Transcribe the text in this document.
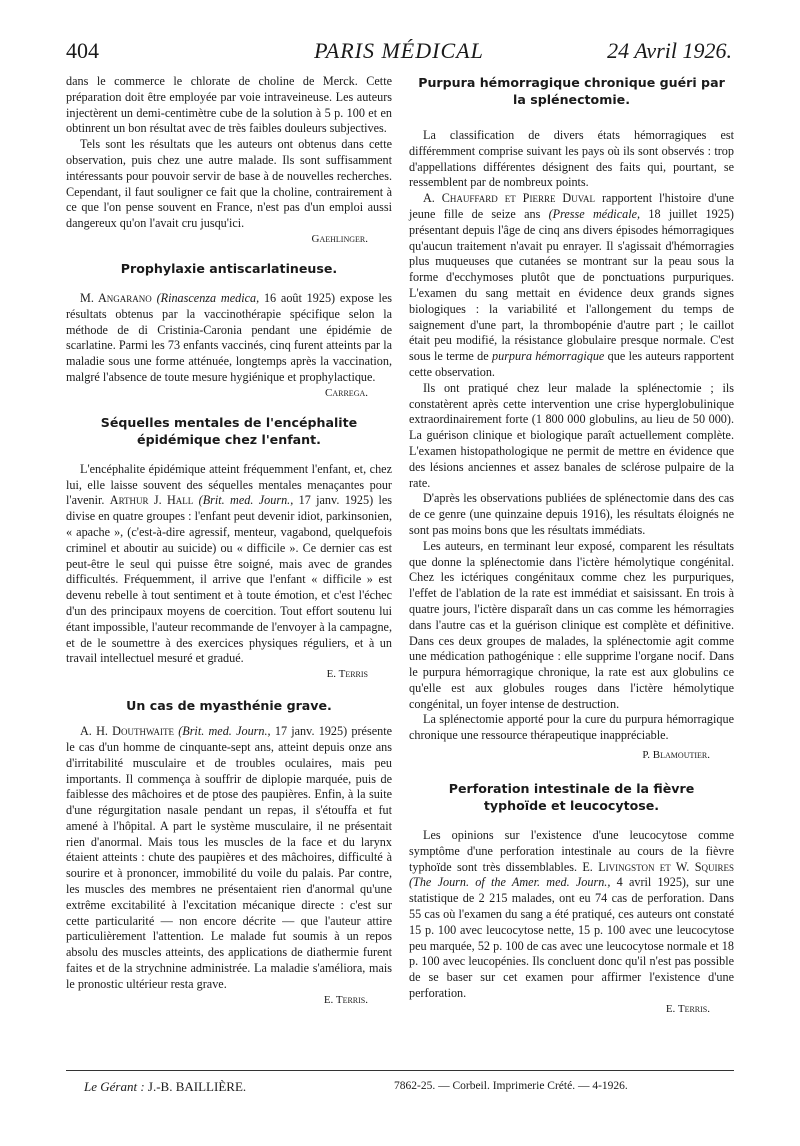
404	PARIS MÉDICAL	24 Avril 1926.

dans le commerce le chlorate de choline de Merck. Cette préparation doit être employée par voie intraveineuse. Les auteurs injectèrent un demi-centimètre cube de la solution à 5 p. 100 et en obtinrent un bon résultat avec de très faibles douleurs subjectives.

Tels sont les résultats que les auteurs ont obtenus dans cette observation, puis chez une autre malade. Ils sont suffisamment intéressants pour pouvoir servir de base à de nouvelles recherches. Cependant, il faut souligner ce fait que la choline, contrairement à ce que l'on pense souvent en France, n'est pas d'un emploi aussi dangereux qu'on l'avait cru jusqu'ici.

Gaehlinger.
Prophylaxie antiscarlatineuse.

M. Angarano (Rinascenza medica, 16 août 1925) expose les résultats obtenus par la vaccinothérapie spécifique selon la méthode de di Cristinia-Caronia pendant une épidémie de scarlatine. Parmi les 73 enfants vaccinés, cinq furent atteints par la maladie sous une forme atténuée, longtemps après la vaccination, malgré l'absence de toute mesure hygiénique et prophylactique.

Carrega.
Séquelles mentales de l'encéphalite épidémique chez l'enfant.

L'encéphalite épidémique atteint fréquemment l'enfant, et, chez lui, elle laisse souvent des séquelles mentales menaçantes pour l'avenir. Arthur J. Hall (Brit. med. Journ., 17 janv. 1925) les divise en quatre groupes : l'enfant peut devenir idiot, parkinsonien, « apache », (c'est-à-dire agressif, menteur, vagabond, quelquefois criminel et aboutir au suicide) ou « difficile ». Ce dernier cas est peut-être le seul qui puisse être soigné, mais avec de grandes difficultés. Fréquemment, il arrive que l'enfant « difficile » est devenu rebelle à tout sentiment et à toute émotion, et c'est l'échec d'un des principaux moyens de coercition. Tout effort soutenu lui étant impossible, l'auteur recommande de l'envoyer à la campagne, et de le soumettre à des exercices physiques réguliers, et à un travail intellectuel mesuré et gradué.

E. Terris
Un cas de myasthénie grave.

A. H. Douthwaite (Brit. med. Journ., 17 janv. 1925) présente le cas d'un homme de cinquante-sept ans, atteint depuis onze ans d'irritabilité musculaire et de troubles oculaires, mais peu importants. Il commença à souffrir de diplopie marquée, puis de faiblesse des mâchoires et de ptose des paupières. Enfin, à la suite d'une régurgitation nasale pendant un repas, il s'étouffa et fut amené à l'hôpital. A part le système musculaire, il ne présentait rien d'anormal. Mais tous les muscles de la face et du larynx étaient atteints : chute des paupières et des mâchoires, difficulté à sourire et à prononcer, immobilité du voile du palais. Par contre, les muscles des membres ne présentaient rien d'anormal qu'une extrême excitabilité à l'excitation mécanique directe : c'est sur cette particularité — non encore décrite — que l'auteur attire particulièrement l'attention. Le malade fut soumis à un repos absolu des muscles atteints, des applications de diathermie furent faites et de la strychnine administrée. La maladie s'améliora, mais le pronostic ultérieur resta grave.

E. Terris.
Purpura hémorragique chronique guéri par la splénectomie.

La classification de divers états hémorragiques est différemment comprise suivant les pays où ils sont observés : trop d'appellations différentes désignent des faits qui, pourtant, se ressemblent par de nombreux points.

A. Chauffard et Pierre Duval rapportent l'histoire d'une jeune fille de seize ans (Presse médicale, 18 juillet 1925) présentant depuis l'âge de cinq ans divers épisodes hémorragiques qu'aucun traitement n'avait pu enrayer. Il s'agissait d'hémorragies plus muqueuses que cutanées se montrant sur la peau sous la forme d'ecchymoses plutôt que de ponctuations purpuriques. L'examen du sang mettait en évidence deux grands signes biologiques : la variabilité et l'allongement du temps de saignement d'une part, la thrombopénie d'autre part ; le caillot était peu modifié, la résistance globulaire presque normale. C'est sous le terme de purpura hémorragique que les auteurs rapportent cette observation.

Ils ont pratiqué chez leur malade la splénectomie ; ils constatèrent après cette intervention une crise hyperglobulinique extraordinairement forte (1 800 000 globulins, au lieu de 50 000). La guérison clinique et biologique paraît actuellement complète. L'examen histopathologique ne permit de mettre en évidence que des lésions anciennes et assez banales de sclérose pulpaire de la rate.

D'après les observations publiées de splénectomie dans des cas de ce genre (une quinzaine depuis 1916), les résultats éloignés ne sont pas moins bons que les résultats immédiats.

Les auteurs, en terminant leur exposé, comparent les résultats que donne la splénectomie dans l'ictère hémolytique congénital. Chez les ictériques congénitaux comme chez les purpuriques, l'effet de l'ablation de la rate est immédiat et saisissant. En trois à quatre jours, l'ictère disparaît dans un cas comme les hémorragies dans l'autre cas et la guérison clinique est complète et définitive. Dans ces deux groupes de malades, la splénectomie agit comme une médication pathogénique : elle supprime l'organe nocif. Dans le purpura hémorragique chronique, la rate est aux globulins ce qu'elle est aux globules rouges dans l'ictère hémolytique congénital, un foyer intense de destruction.

La splénectomie apporté pour la cure du purpura hémorragique chronique une ressource thérapeutique inappréciable.

P. Blamoutier.
Perforation intestinale de la fièvre typhoïde et leucocytose.

Les opinions sur l'existence d'une leucocytose comme symptôme d'une perforation intestinale au cours de la fièvre typhoïde sont très dissemblables. E. Livingston et W. Squires (The Journ. of the Amer. med. Journ., 4 avril 1925), sur une statistique de 2 215 malades, ont eu 74 cas de perforation. Dans 55 cas où l'examen du sang a été pratiqué, ces auteurs ont constaté 15 p. 100 avec leucocytose nette, 15 p. 100 avec une leucocytose peu marquée, 52 p. 100 de cas avec une leucocytose normale et 18 p. 100 avec leucopénies. Ils concluent donc qu'il n'est pas possible de se baser sur cet examen pour affirmer l'existence d'une perforation.

E. Terris.
Le Gérant : J.-B. BAILLIÈRE.	7862-25. — Corbeil. Imprimerie Crété. — 4-1926.
